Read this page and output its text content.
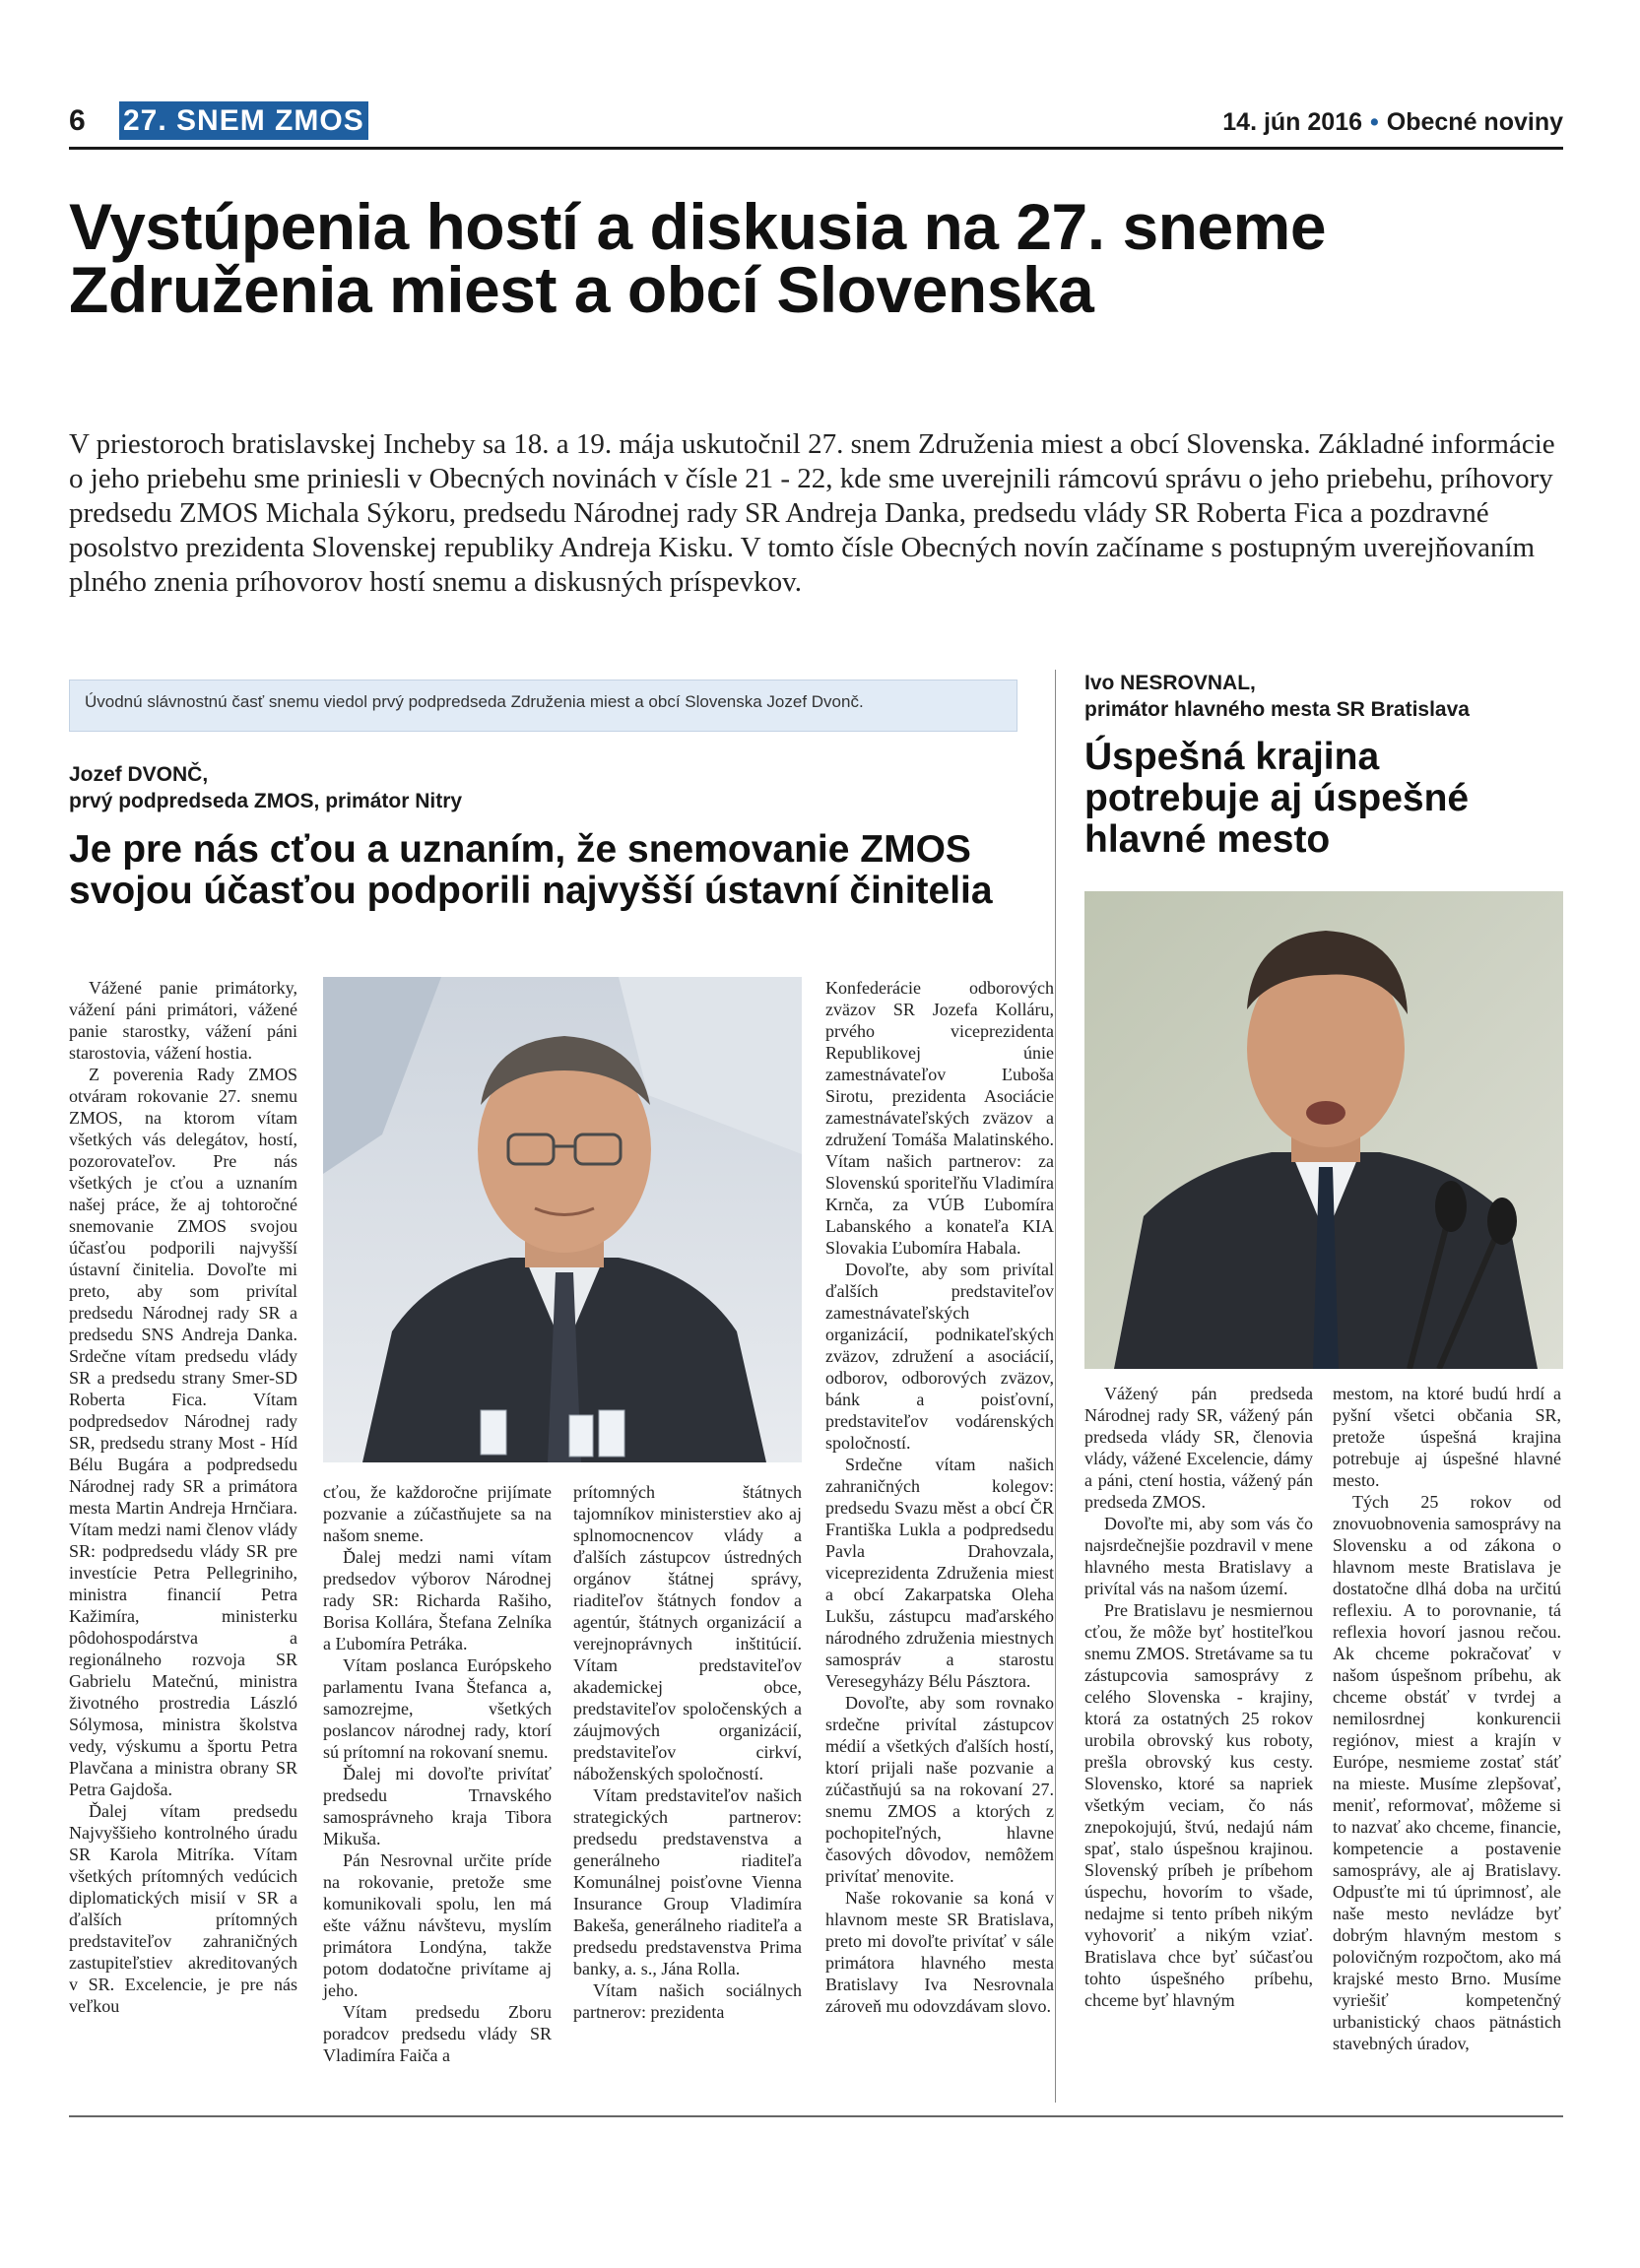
6 27. SNEM ZMOS	14. jún 2016 • Obecné noviny
Vystúpenia hostí a diskusia na 27. sneme Združenia miest a obcí Slovenska
V priestoroch bratislavskej Incheby sa 18. a 19. mája uskutočnil 27. snem Združenia miest a obcí Slovenska. Základné informácie o jeho priebehu sme priniesli v Obecných novinách v čísle 21 - 22, kde sme uverejnili rámcovú správu o jeho priebehu, príhovory predsedu ZMOS Michala Sýkoru, predsedu Národnej rady SR Andreja Danka, predsedu vlády SR Roberta Fica a pozdravné posolstvo prezidenta Slovenskej republiky Andreja Kisku. V tomto čísle Obecných novín začíname s postupným uverejňovaním plného znenia príhovorov hostí snemu a diskusných príspevkov.
Úvodnú slávnostnú časť snemu viedol prvý podpredseda Združenia miest a obcí Slovenska Jozef Dvonč.
Jozef DVONČ,
prvý podpredseda ZMOS, primátor Nitry
Je pre nás cťou a uznaním, že snemovanie ZMOS svojou účasťou podporili najvyšší ústavní činitelia
Ivo NESROVNAL,
primátor hlavného mesta SR Bratislava
Úspešná krajina potrebuje aj úspešné hlavné mesto

Vážené panie primátorky, vážení páni primátori, vážené panie starostky, vážení páni starostovia, vážení hostia.

Z poverenia Rady ZMOS otváram rokovanie 27. snemu ZMOS, na ktorom vítam všetkých vás delegátov, hostí, pozorovateľov. Pre nás všetkých je cťou a uznaním našej práce, že aj tohtoročné snemovanie ZMOS svojou účasťou podporili najvyšší ústavní činitelia. Dovoľte mi preto, aby som privítal predsedu Národnej rady SR a predsedu SNS Andreja Danka. Srdečne vítam predsedu vlády SR a predsedu strany Smer-SD Roberta Fica. Vítam podpredsedov Národnej rady SR, predsedu strany Most - Híd Bélu Bugára a podpredsedu Národnej rady SR a primátora mesta Martin Andreja Hrnčiara. Vítam medzi nami členov vlády SR: podpredsedu vlády SR pre investície Petra Pellegriniho, ministra financií Petra Kažimíra, ministerku pôdohospodárstva a regionálneho rozvoja SR Gabrielu Matečnú, ministra životného prostredia László Sólymosa, ministra školstva vedy, výskumu a športu Petra Plavčana a ministra obrany SR Petra Gajdoša.

Ďalej vítam predsedu Najvyššieho kontrolného úradu SR Karola Mitríka. Vítam všetkých prítomných vedúcich diplomatických misií v SR a ďalších prítomných predstaviteľov zahraničných zastupiteľstiev akreditovaných v SR. Excelencie, je pre nás veľkou

cťou, že každoročne prijímate pozvanie a zúčastňujete sa na našom sneme.

Ďalej medzi nami vítam predsedov výborov Národnej rady SR: Richarda Rašiho, Borisa Kollára, Štefana Zelníka a Ľubomíra Petráka.

Vítam poslanca Európskeho parlamentu Ivana Štefanca a, samozrejme, všetkých poslancov národnej rady, ktorí sú prítomní na rokovaní snemu.

Ďalej mi dovoľte privítať predsedu Trnavského samosprávneho kraja Tibora Mikuša.

Pán Nesrovnal určite príde na rokovanie, pretože sme komunikovali spolu, len má ešte vážnu návštevu, myslím primátora Londýna, takže potom dodatočne privítame aj jeho.

Vítam predsedu Zboru poradcov predsedu vlády SR Vladimíra Faiča a

prítomných štátnych tajomníkov ministerstiev ako aj splnomocnencov vlády a ďalších zástupcov ústredných orgánov štátnej správy, riaditeľov štátnych fondov a agentúr, štátnych organizácií a verejnoprávnych inštitúcií. Vítam predstaviteľov akademickej obce, predstaviteľov spoločenských a záujmových organizácií, predstaviteľov cirkví, náboženských spoločností.

Vítam predstaviteľov našich strategických partnerov: predsedu predstavenstva a generálneho riaditeľa Komunálnej poisťovne Vienna Insurance Group Vladimíra Bakeša, generálneho riaditeľa a predsedu predstavenstva Prima banky, a. s., Jána Rolla.

Vítam našich sociálnych partnerov: prezidenta

Konfederácie odborových zväzov SR Jozefa Kolláru, prvého viceprezidenta Republikovej únie zamestnávateľov Ľuboša Sirotu, prezidenta Asociácie zamestnávateľských zväzov a združení Tomáša Malatinského. Vítam našich partnerov: za Slovenskú sporiteľňu Vladimíra Krnča, za VÚB Ľubomíra Labanského a konateľa KIA Slovakia Ľubomíra Habala.

Dovoľte, aby som privítal ďalších predstaviteľov zamestnávateľských organizácií, podnikateľských zväzov, združení a asociácií, odborov, odborových zväzov, bánk a poisťovní, predstaviteľov vodárenských spoločností.

Srdečne vítam našich zahraničných kolegov: predsedu Svazu měst a obcí ČR Františka Lukla a podpredsedu Pavla Drahovzala, viceprezidenta Združenia miest a obcí Zakarpatska Oleha Lukšu, zástupcu maďarského národného združenia miestnych samospráv a starostu Veresegyházy Bélu Pásztora.

Dovoľte, aby som rovnako srdečne privítal zástupcov médií a všetkých ďalších hostí, ktorí prijali naše pozvanie a zúčastňujú sa na rokovaní 27. snemu ZMOS a ktorých z pochopiteľných, hlavne časových dôvodov, nemôžem privítať menovite.

Naše rokovanie sa koná v hlavnom meste SR Bratislava, preto mi dovoľte privítať v sále primátora hlavného mesta Bratislavy Iva Nesrovnala zároveň mu odovzdávam slovo.

Vážený pán predseda Národnej rady SR, vážený pán predseda vlády SR, členovia vlády, vážené Excelencie, dámy a páni, ctení hostia, vážený pán predseda ZMOS.

Dovoľte mi, aby som vás čo najsrdečnejšie pozdravil v mene hlavného mesta Bratislavy a privítal vás na našom území.

Pre Bratislavu je nesmiernou cťou, že môže byť hostiteľkou snemu ZMOS. Stretávame sa tu zástupcovia samosprávy z celého Slovenska - krajiny, ktorá za ostatných 25 rokov urobila obrovský kus roboty, prešla obrovský kus cesty. Slovensko, ktoré sa napriek všetkým veciam, čo nás znepokojujú, štvú, nedajú nám spať, stalo úspešnou krajinou. Slovenský príbeh je príbehom úspechu, hovorím to všade, nedajme si tento príbeh nikým vyhovoriť a nikým vziať. Bratislava chce byť súčasťou tohto úspešného príbehu, chceme byť hlavným

mestom, na ktoré budú hrdí a pyšní všetci občania SR, pretože úspešná krajina potrebuje aj úspešné hlavné mesto.

Tých 25 rokov od znovuobnovenia samosprávy na Slovensku a od zákona o hlavnom meste Bratislava je dostatočne dlhá doba na určitú reflexiu. A to porovnanie, tá reflexia hovorí jasnou rečou. Ak chceme pokračovať v našom úspešnom príbehu, ak chceme obstáť v tvrdej a nemilosrdnej konkurencii regiónov, miest a krajín v Európe, nesmieme zostať stáť na mieste. Musíme zlepšovať, meniť, reformovať, môžeme si to nazvať ako chceme, financie, kompetencie a postavenie samosprávy, ale aj Bratislavy. Odpusťte mi tú úprimnosť, ale naše mesto nevládze byť dobrým hlavným mestom s polovičným rozpočtom, ako má krajské mesto Brno. Musíme vyriešiť kompetenčný urbanistický chaos pätnástich stavebných úradov,
